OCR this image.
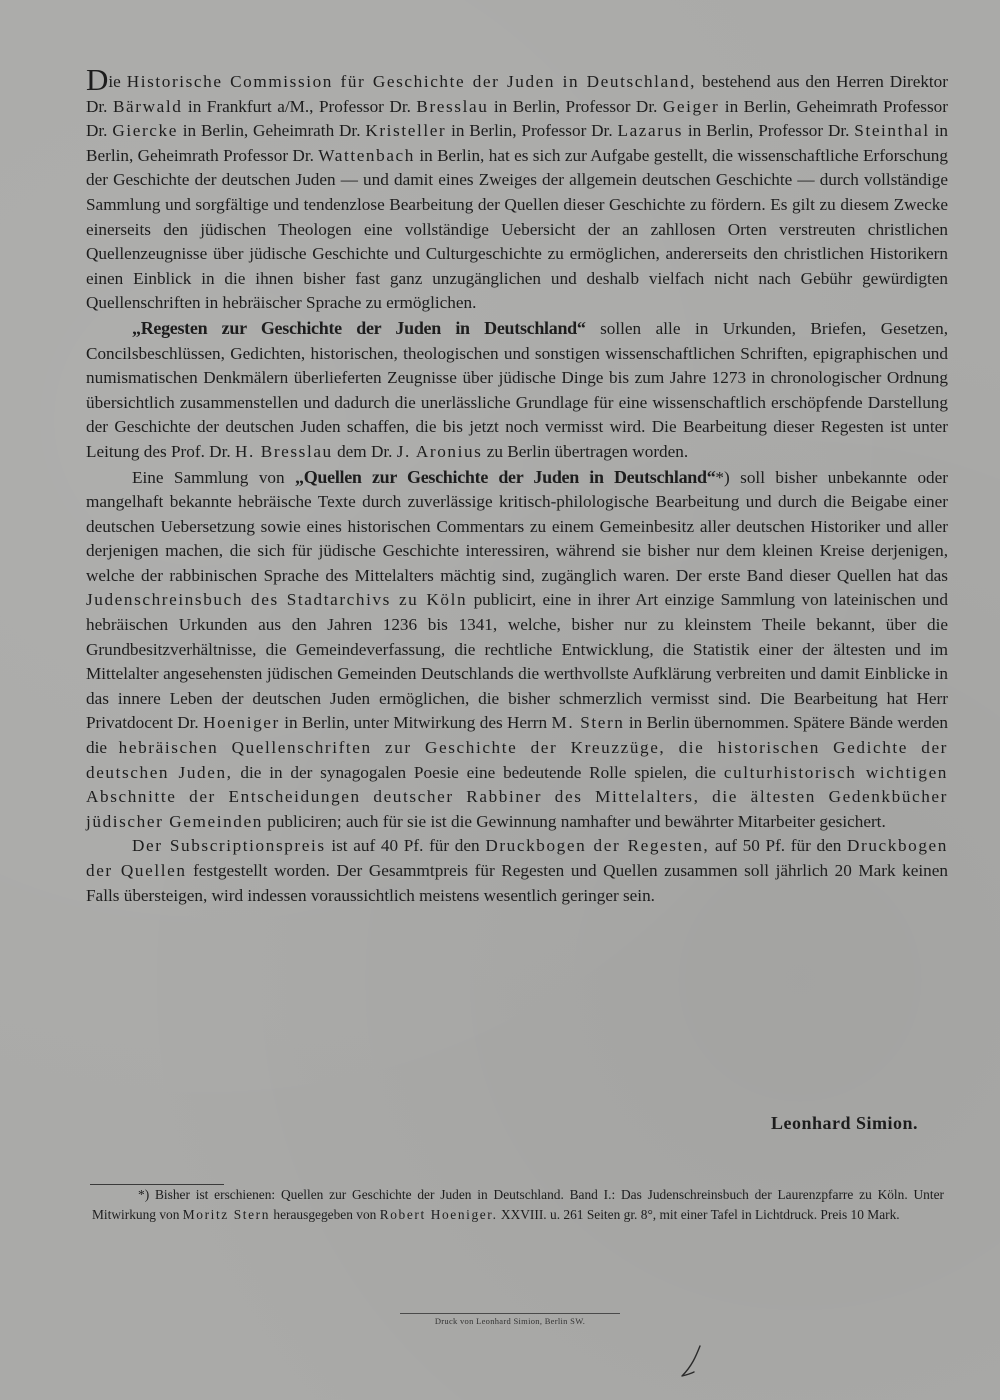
Die Historische Commission für Geschichte der Juden in Deutschland, bestehend aus den Herren Direktor Dr. Bärwald in Frankfurt a/M., Professor Dr. Bresslau in Berlin, Professor Dr. Geiger in Berlin, Geheimrath Professor Dr. Giercke in Berlin, Geheimrath Dr. Kristeller in Berlin, Professor Dr. Lazarus in Berlin, Professor Dr. Steinthal in Berlin, Geheimrath Professor Dr. Wattenbach in Berlin, hat es sich zur Aufgabe gestellt, die wissenschaftliche Erforschung der Geschichte der deutschen Juden — und damit eines Zweiges der allgemein deutschen Geschichte — durch vollständige Sammlung und sorgfältige und tendenzlose Bearbeitung der Quellen dieser Geschichte zu fördern. Es gilt zu diesem Zwecke einerseits den jüdischen Theologen eine vollständige Uebersicht der an zahllosen Orten verstreuten christlichen Quellenzeugnisse über jüdische Geschichte und Culturgeschichte zu ermöglichen, andererseits den christlichen Historikern einen Einblick in die ihnen bisher fast ganz unzugänglichen und deshalb vielfach nicht nach Gebühr gewürdigten Quellenschriften in hebräischer Sprache zu ermöglichen.

„Regesten zur Geschichte der Juden in Deutschland“ sollen alle in Urkunden, Briefen, Gesetzen, Concilsbeschlüssen, Gedichten, historischen, theologischen und sonstigen wissenschaftlichen Schriften, epigraphischen und numismatischen Denkmälern überlieferten Zeugnisse über jüdische Dinge bis zum Jahre 1273 in chronologischer Ordnung übersichtlich zusammenstellen und dadurch die unerlässliche Grundlage für eine wissenschaftlich erschöpfende Darstellung der Geschichte der deutschen Juden schaffen, die bis jetzt noch vermisst wird. Die Bearbeitung dieser Regesten ist unter Leitung des Prof. Dr. H. Bresslau dem Dr. J. Aronius zu Berlin übertragen worden.

Eine Sammlung von „Quellen zur Geschichte der Juden in Deutschland“*) soll bisher unbekannte oder mangelhaft bekannte hebräische Texte durch zuverlässige kritisch-philologische Bearbeitung und durch die Beigabe einer deutschen Uebersetzung sowie eines historischen Commentars zu einem Gemeinbesitz aller deutschen Historiker und aller derjenigen machen, die sich für jüdische Geschichte interessiren, während sie bisher nur dem kleinen Kreise derjenigen, welche der rabbinischen Sprache des Mittelalters mächtig sind, zugänglich waren. Der erste Band dieser Quellen hat das Judenschreinsbuch des Stadtarchivs zu Köln publicirt, eine in ihrer Art einzige Sammlung von lateinischen und hebräischen Urkunden aus den Jahren 1236 bis 1341, welche, bisher nur zu kleinstem Theile bekannt, über die Grundbesitzverhältnisse, die Gemeindeverfassung, die rechtliche Entwicklung, die Statistik einer der ältesten und im Mittelalter angesehensten jüdischen Gemeinden Deutschlands die werthvollste Aufklärung verbreiten und damit Einblicke in das innere Leben der deutschen Juden ermöglichen, die bisher schmerzlich vermisst sind. Die Bearbeitung hat Herr Privatdocent Dr. Hoeniger in Berlin, unter Mitwirkung des Herrn M. Stern in Berlin übernommen. Spätere Bände werden die hebräischen Quellenschriften zur Geschichte der Kreuzzüge, die historischen Gedichte der deutschen Juden, die in der synagogalen Poesie eine bedeutende Rolle spielen, die culturhistorisch wichtigen Abschnitte der Entscheidungen deutscher Rabbiner des Mittelalters, die ältesten Gedenkbücher jüdischer Gemeinden publiciren; auch für sie ist die Gewinnung namhafter und bewährter Mitarbeiter gesichert.

Der Subscriptionspreis ist auf 40 Pf. für den Druckbogen der Regesten, auf 50 Pf. für den Druckbogen der Quellen festgestellt worden. Der Gesammtpreis für Regesten und Quellen zusammen soll jährlich 20 Mark keinen Falls übersteigen, wird indessen voraussichtlich meistens wesentlich geringer sein.

Leonhard Simion.
*) Bisher ist erschienen: Quellen zur Geschichte der Juden in Deutschland. Band I.: Das Judenschreinsbuch der Laurenzpfarre zu Köln. Unter Mitwirkung von Moritz Stern herausgegeben von Robert Hoeniger. XXVIII. u. 261 Seiten gr. 8°, mit einer Tafel in Lichtdruck. Preis 10 Mark.
Druck von Leonhard Simion, Berlin SW.
